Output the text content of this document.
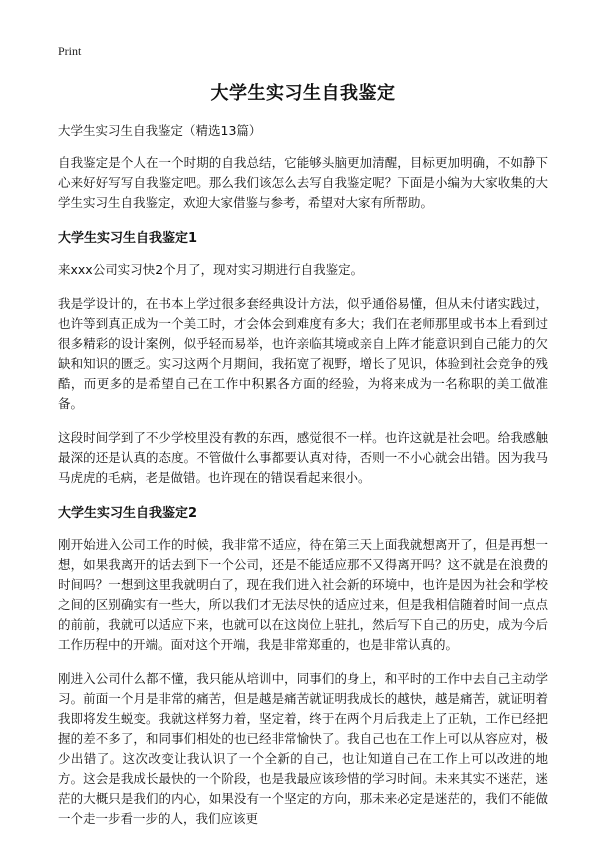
Print
大学生实习生自我鉴定
大学生实习生自我鉴定（精选13篇）

自我鉴定是个人在一个时期的自我总结，它能够头脑更加清醒，目标更加明确，不如静下心来好好写写自我鉴定吧。那么我们该怎么去写自我鉴定呢？下面是小编为大家收集的大学生实习生自我鉴定，欢迎大家借鉴与参考，希望对大家有所帮助。

大学生实习生自我鉴定1

来xxx公司实习快2个月了，现对实习期进行自我鉴定。

我是学设计的，在书本上学过很多套经典设计方法，似乎通俗易懂，但从未付诸实践过，也许等到真正成为一个美工时，才会体会到难度有多大；我们在老师那里或书本上看到过很多精彩的设计案例，似乎轻而易举，也许亲临其境或亲自上阵才能意识到自己能力的欠缺和知识的匮乏。实习这两个月期间，我拓宽了视野，增长了见识，体验到社会竞争的残酷，而更多的是希望自己在工作中积累各方面的经验，为将来成为一名称职的美工做准备。

这段时间学到了不少学校里没有教的东西，感觉很不一样。也许这就是社会吧。给我感触最深的还是认真的态度。不管做什么事都要认真对待，否则一不小心就会出错。因为我马马虎虎的毛病，老是做错。也许现在的错误看起来很小。

大学生实习生自我鉴定2

刚开始进入公司工作的时候，我非常不适应，待在第三天上面我就想离开了，但是再想一想，如果我离开的话去到下一个公司，还是不能适应那不又得离开吗？这不就是在浪费的时间吗？一想到这里我就明白了，现在我们进入社会新的环境中，也许是因为社会和学校之间的区别确实有一些大，所以我们才无法尽快的适应过来，但是我相信随着时间一点点的前前，我就可以适应下来，也就可以在这岗位上驻扎，然后写下自己的历史，成为今后工作历程中的开端。面对这个开端，我是非常郑重的，也是非常认真的。

刚进入公司什么都不懂，我只能从培训中，同事们的身上，和平时的工作中去自己主动学习。前面一个月是非常的痛苦，但是越是痛苦就证明我成长的越快，越是痛苦，就证明着我即将发生蜕变。我就这样努力着，坚定着，终于在两个月后我走上了正轨，工作已经把握的差不多了，和同事们相处的也已经非常愉快了。我自己也在工作上可以从容应对，极少出错了。这次改变让我认识了一个全新的自己，也让知道自己在工作上可以改进的地方。这会是我成长最快的一个阶段，也是我最应该珍惜的学习时间。未来其实不迷茫，迷茫的大概只是我们的内心，如果没有一个坚定的方向，那未来必定是迷茫的，我们不能做一个走一步看一步的人，我们应该更
